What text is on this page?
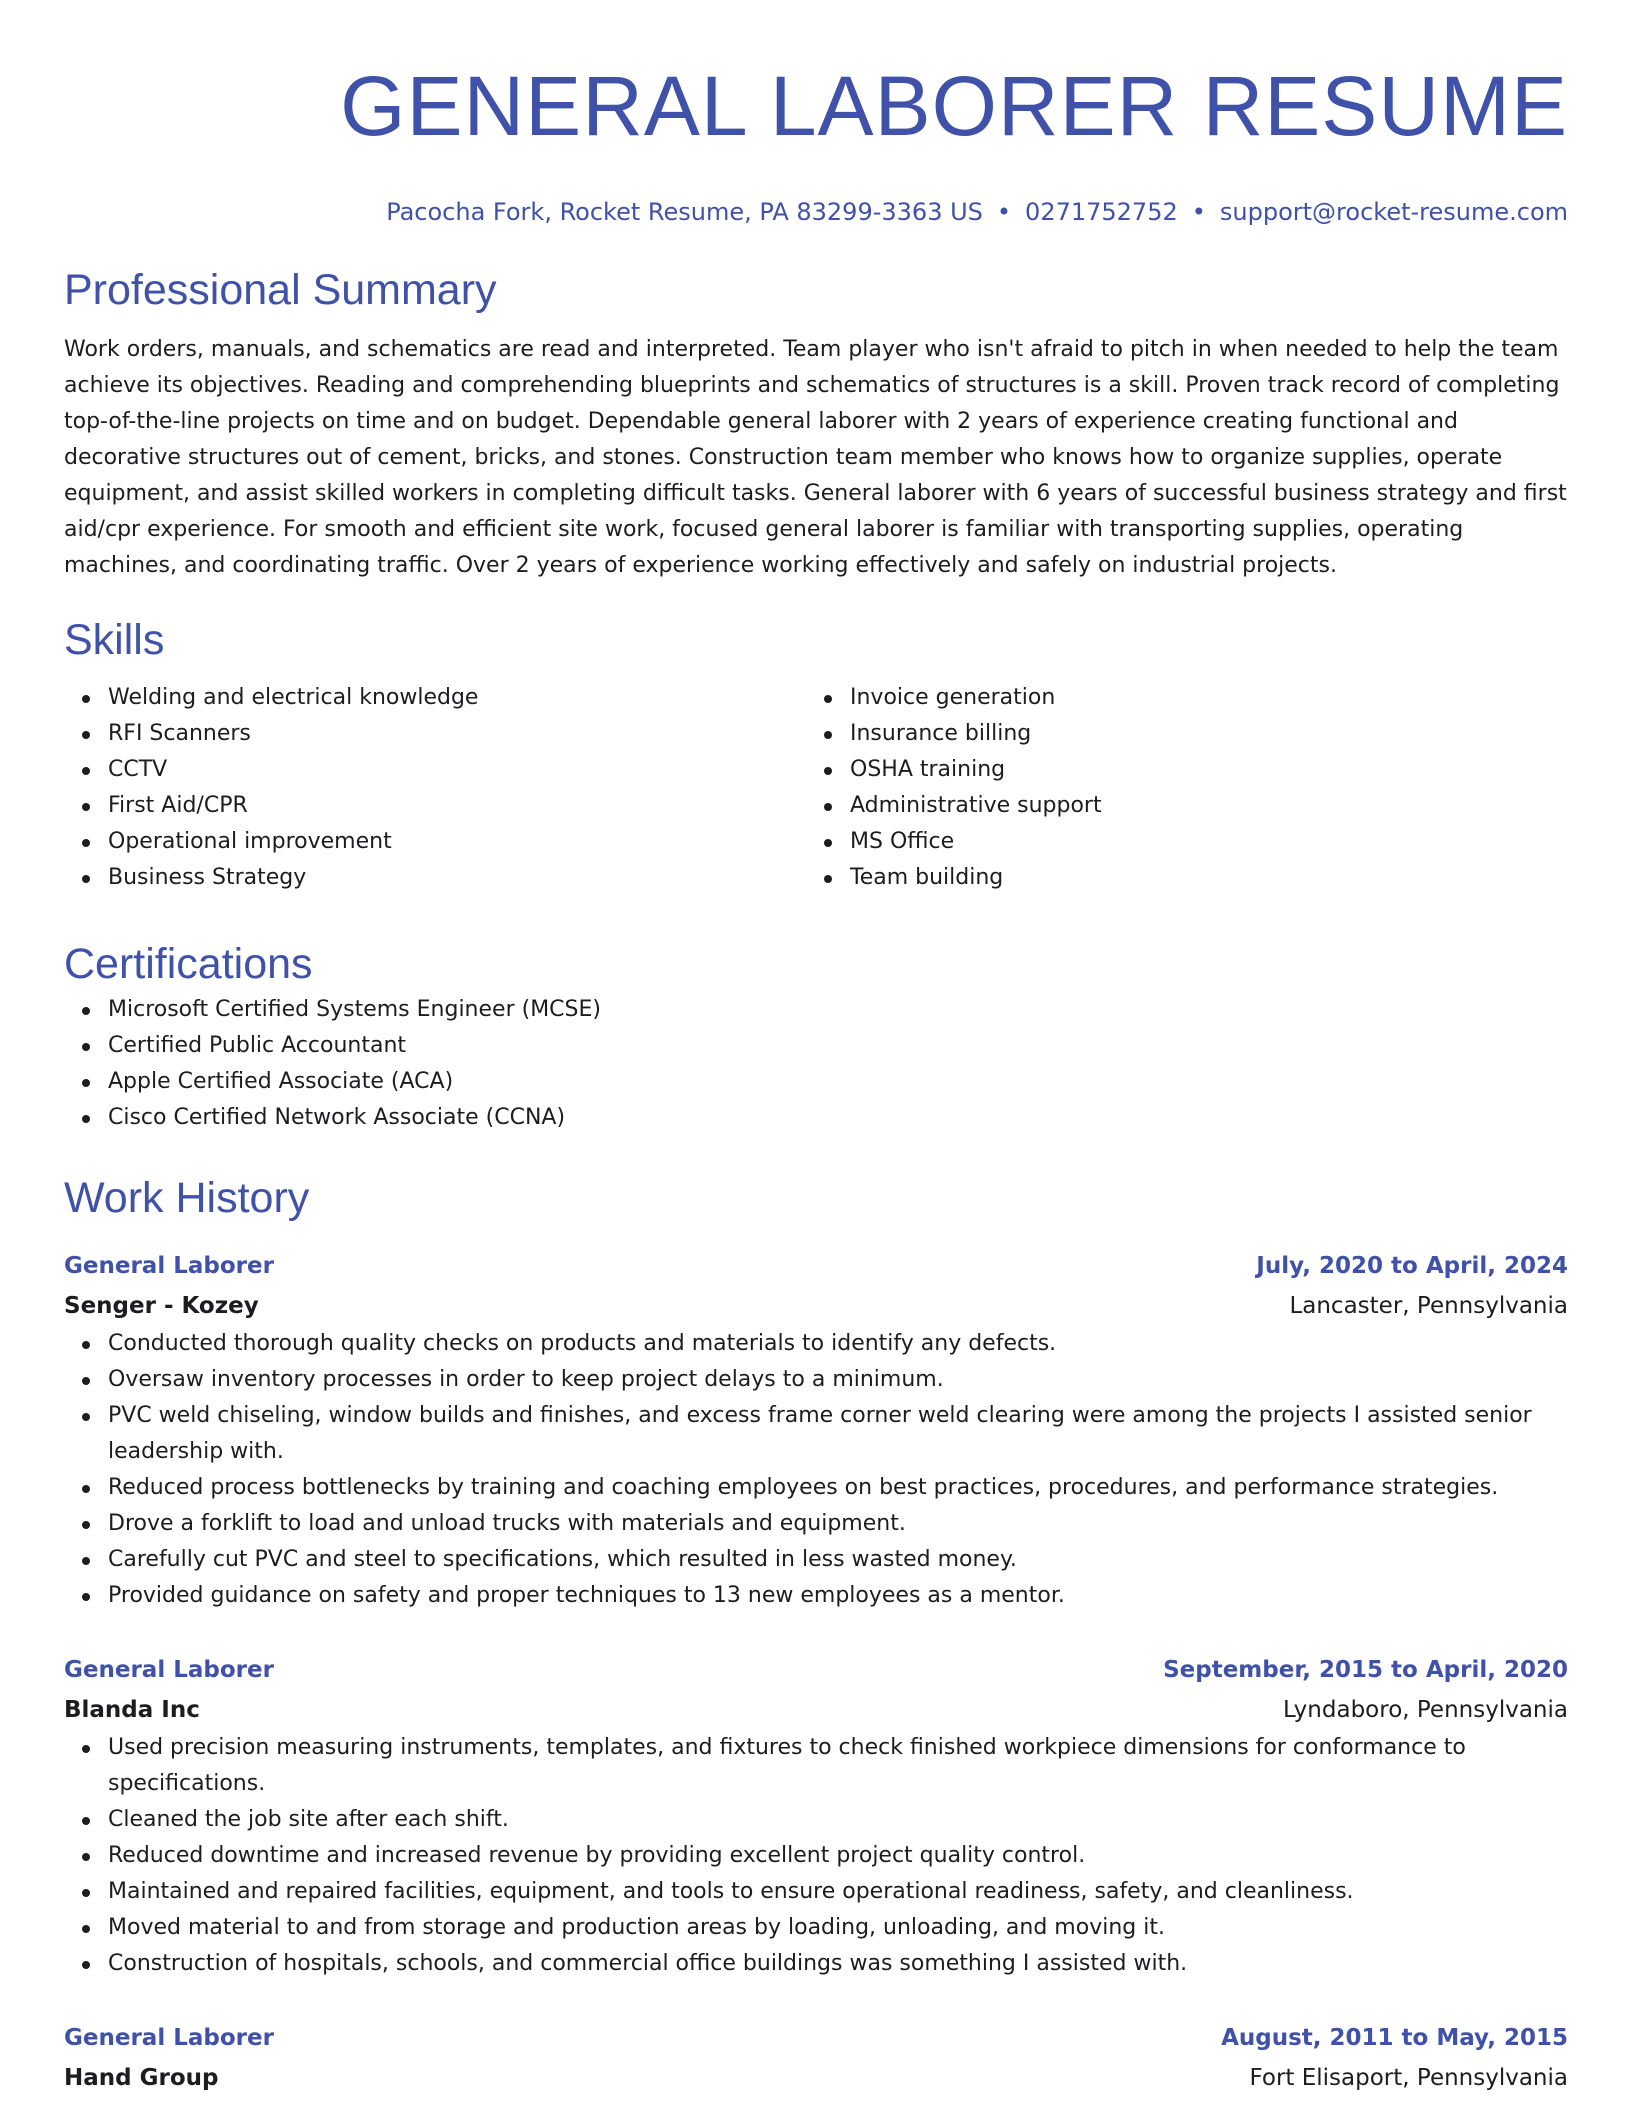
GENERAL LABORER RESUME
Pacocha Fork, Rocket Resume, PA 83299-3363 US • 0271752752 • support@rocket-resume.com
Professional Summary

Work orders, manuals, and schematics are read and interpreted. Team player who isn't afraid to pitch in when needed to help the team achieve its objectives. Reading and comprehending blueprints and schematics of structures is a skill. Proven track record of completing top-of-the-line projects on time and on budget. Dependable general laborer with 2 years of experience creating functional and decorative structures out of cement, bricks, and stones. Construction team member who knows how to organize supplies, operate equipment, and assist skilled workers in completing difficult tasks. General laborer with 6 years of successful business strategy and first aid/cpr experience. For smooth and efficient site work, focused general laborer is familiar with transporting supplies, operating machines, and coordinating traffic. Over 2 years of experience working effectively and safely on industrial projects.

Skills
Welding and electrical knowledge
RFI Scanners
CCTV
First Aid/CPR
Operational improvement
Business Strategy
Invoice generation
Insurance billing
OSHA training
Administrative support
MS Office
Team building
Certifications
Microsoft Certified Systems Engineer (MCSE)
Certified Public Accountant
Apple Certified Associate (ACA)
Cisco Certified Network Associate (CCNA)
Work History
General Laborer	July, 2020 to April, 2024
Senger - Kozey	Lancaster, Pennsylvania
Conducted thorough quality checks on products and materials to identify any defects.
Oversaw inventory processes in order to keep project delays to a minimum.
PVC weld chiseling, window builds and finishes, and excess frame corner weld clearing were among the projects I assisted senior leadership with.
Reduced process bottlenecks by training and coaching employees on best practices, procedures, and performance strategies.
Drove a forklift to load and unload trucks with materials and equipment.
Carefully cut PVC and steel to specifications, which resulted in less wasted money.
Provided guidance on safety and proper techniques to 13 new employees as a mentor.
General Laborer	September, 2015 to April, 2020
Blanda Inc	Lyndaboro, Pennsylvania
Used precision measuring instruments, templates, and fixtures to check finished workpiece dimensions for conformance to specifications.
Cleaned the job site after each shift.
Reduced downtime and increased revenue by providing excellent project quality control.
Maintained and repaired facilities, equipment, and tools to ensure operational readiness, safety, and cleanliness.
Moved material to and from storage and production areas by loading, unloading, and moving it.
Construction of hospitals, schools, and commercial office buildings was something I assisted with.
General Laborer	August, 2011 to May, 2015
Hand Group	Fort Elisaport, Pennsylvania
